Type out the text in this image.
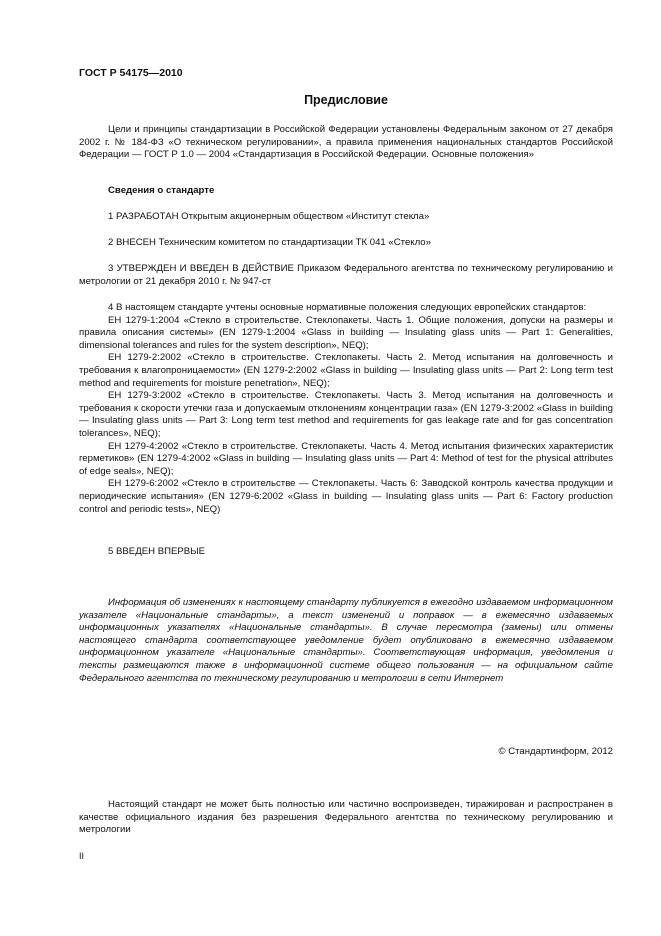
ГОСТ Р 54175—2010
Предисловие

Цели и принципы стандартизации в Российской Федерации установлены Федеральным законом от 27 декабря 2002 г. № 184-ФЗ «О техническом регулировании», а правила применения национальных стандартов Российской Федерации — ГОСТ Р 1.0 — 2004 «Стандартизация в Российской Федерации. Основные положения»

Сведения о стандарте

1 РАЗРАБОТАН Открытым акционерным обществом «Институт стекла»

2 ВНЕСЕН Техническим комитетом по стандартизации ТК 041 «Стекло»

3 УТВЕРЖДЕН И ВВЕДЕН В ДЕЙСТВИЕ Приказом Федерального агентства по техническому регулированию и метрологии от 21 декабря 2010 г. № 947-ст

4 В настоящем стандарте учтены основные нормативные положения следующих европейских стандартов:

ЕН 1279-1:2004 «Стекло в строительстве. Стеклопакеты. Часть 1. Общие положения, допуски на размеры и правила описания системы» (EN 1279-1:2004 «Glass in building — Insulating glass units — Part 1: Generalities, dimensional tolerances and rules for the system description», NEQ);

ЕН 1279-2:2002 «Стекло в строительстве. Стеклопакеты. Часть 2. Метод испытания на долговечность и требования к влагопроницаемости» (EN 1279-2:2002 «Glass in building — Insulating glass units — Part 2: Long term test method and requirements for moisture penetration», NEQ);

ЕН 1279-3:2002 «Стекло в строительстве. Стеклопакеты. Часть 3. Метод испытания на долговечность и требования к скорости утечки газа и допускаемым отклонениям концентрации газа» (EN 1279-3:2002 «Glass in building — Insulating glass units — Part 3: Long term test method and requirements for gas leakage rate and for gas concentration tolerances», NEQ);

ЕН 1279-4:2002 «Стекло в строительстве. Стеклопакеты. Часть 4. Метод испытания физических характеристик герметиков» (EN 1279-4:2002 «Glass in building — Insulating glass units — Part 4: Method of test for the physical attributes of edge seals», NEQ);

ЕН 1279-6:2002 «Стекло в строительстве — Стеклопакеты. Часть 6: Заводской контроль качества продукции и периодические испытания» (EN 1279-6:2002 «Glass in building — Insulating glass units — Part 6: Factory production control and periodic tests», NEQ)

5 ВВЕДЕН ВПЕРВЫЕ

Информация об изменениях к настоящему стандарту публикуется в ежегодно издаваемом информационном указателе «Национальные стандарты», а текст изменений и поправок — в ежемесячно издаваемых информационных указателях «Национальные стандарты». В случае пересмотра (замены) или отмены настоящего стандарта соответствующее уведомление будет опубликовано в ежемесячно издаваемом информационном указателе «Национальные стандарты». Соответствующая информация, уведомления и тексты размещаются также в информационной системе общего пользования — на официальном сайте Федерального агентства по техническому регулированию и метрологии в сети Интернет

© Стандартинформ, 2012

Настоящий стандарт не может быть полностью или частично воспроизведен, тиражирован и распространен в качестве официального издания без разрешения Федерального агентства по техническому регулированию и метрологии

II
